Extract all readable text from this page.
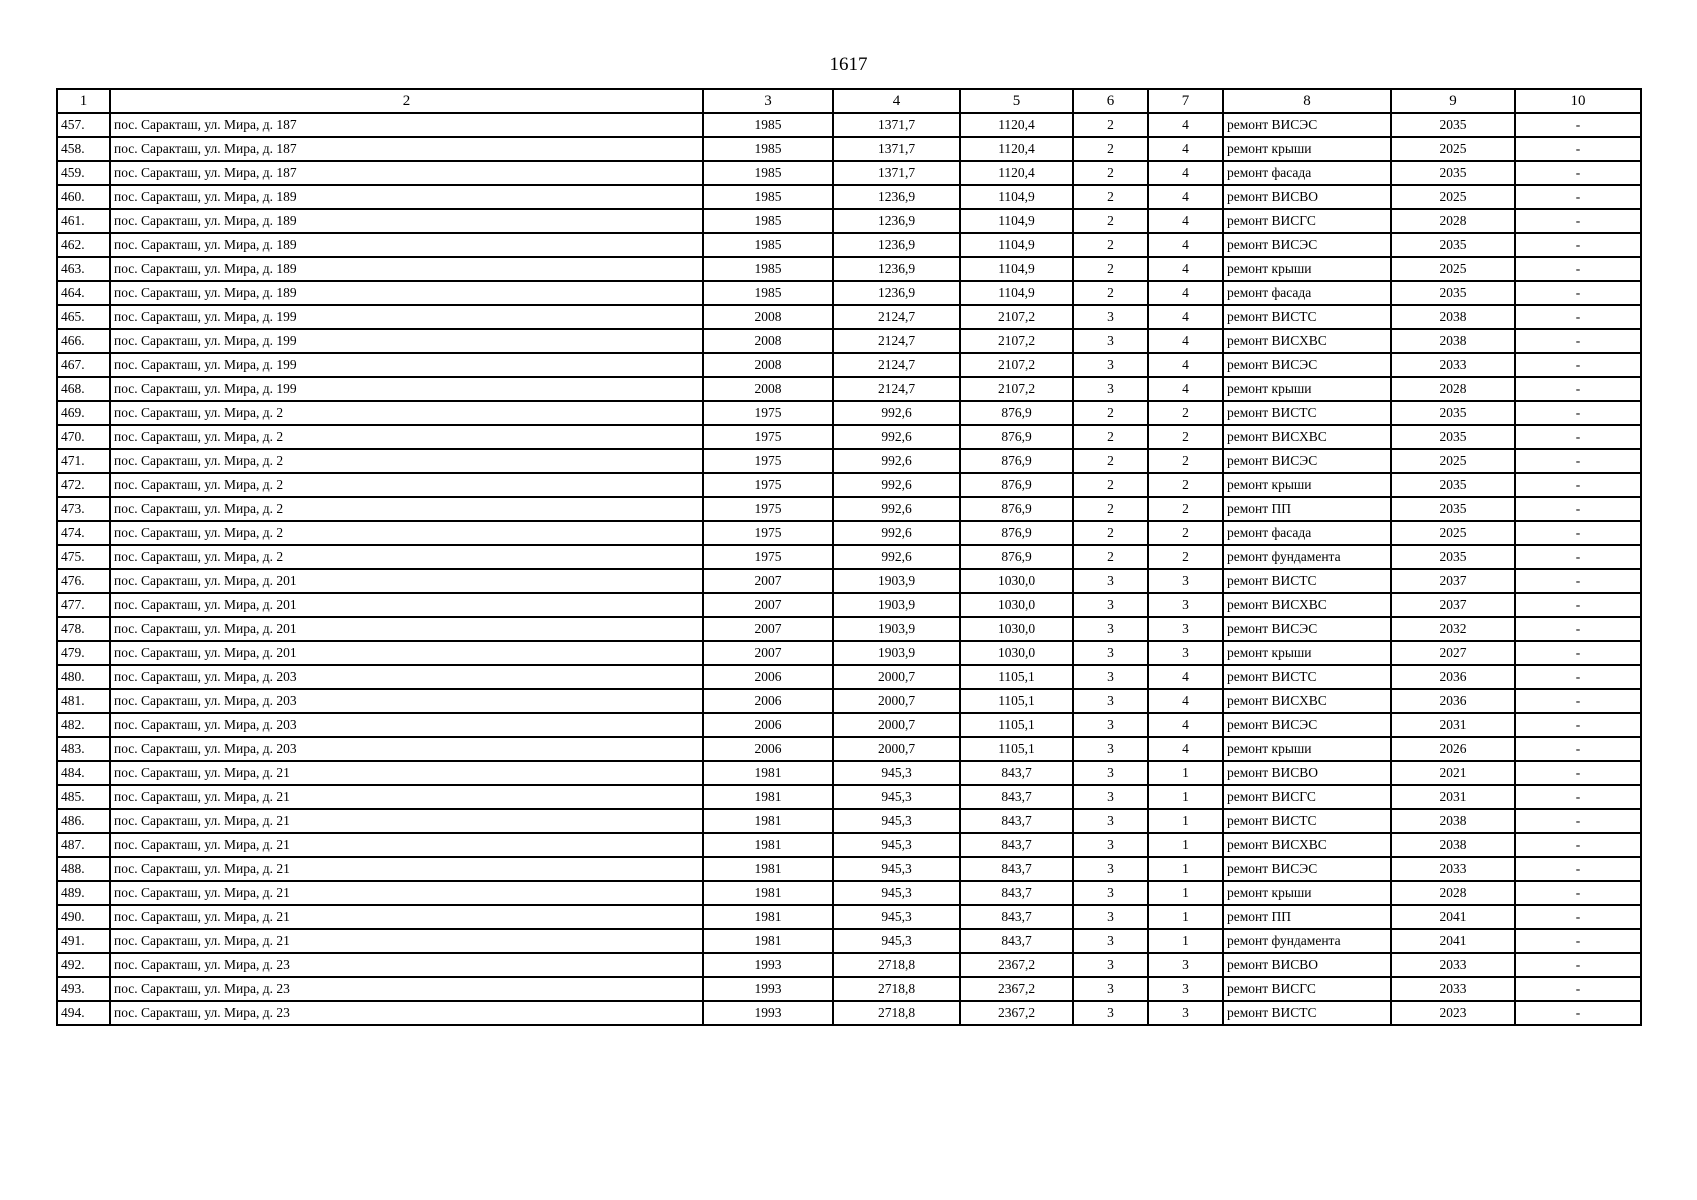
1617
1	2	3	4	5	6	7	8	9	10
457.	пос. Саракташ, ул. Мира, д. 187	1985	1371,7	1120,4	2	4	ремонт ВИСЭС	2035	-
458.	пос. Саракташ, ул. Мира, д. 187	1985	1371,7	1120,4	2	4	ремонт крыши	2025	-
459.	пос. Саракташ, ул. Мира, д. 187	1985	1371,7	1120,4	2	4	ремонт фасада	2035	-
460.	пос. Саракташ, ул. Мира, д. 189	1985	1236,9	1104,9	2	4	ремонт ВИСВО	2025	-
461.	пос. Саракташ, ул. Мира, д. 189	1985	1236,9	1104,9	2	4	ремонт ВИСГС	2028	-
462.	пос. Саракташ, ул. Мира, д. 189	1985	1236,9	1104,9	2	4	ремонт ВИСЭС	2035	-
463.	пос. Саракташ, ул. Мира, д. 189	1985	1236,9	1104,9	2	4	ремонт крыши	2025	-
464.	пос. Саракташ, ул. Мира, д. 189	1985	1236,9	1104,9	2	4	ремонт фасада	2035	-
465.	пос. Саракташ, ул. Мира, д. 199	2008	2124,7	2107,2	3	4	ремонт ВИСТС	2038	-
466.	пос. Саракташ, ул. Мира, д. 199	2008	2124,7	2107,2	3	4	ремонт ВИСХВС	2038	-
467.	пос. Саракташ, ул. Мира, д. 199	2008	2124,7	2107,2	3	4	ремонт ВИСЭС	2033	-
468.	пос. Саракташ, ул. Мира, д. 199	2008	2124,7	2107,2	3	4	ремонт крыши	2028	-
469.	пос. Саракташ, ул. Мира, д. 2	1975	992,6	876,9	2	2	ремонт ВИСТС	2035	-
470.	пос. Саракташ, ул. Мира, д. 2	1975	992,6	876,9	2	2	ремонт ВИСХВС	2035	-
471.	пос. Саракташ, ул. Мира, д. 2	1975	992,6	876,9	2	2	ремонт ВИСЭС	2025	-
472.	пос. Саракташ, ул. Мира, д. 2	1975	992,6	876,9	2	2	ремонт крыши	2035	-
473.	пос. Саракташ, ул. Мира, д. 2	1975	992,6	876,9	2	2	ремонт ПП	2035	-
474.	пос. Саракташ, ул. Мира, д. 2	1975	992,6	876,9	2	2	ремонт фасада	2025	-
475.	пос. Саракташ, ул. Мира, д. 2	1975	992,6	876,9	2	2	ремонт фундамента	2035	-
476.	пос. Саракташ, ул. Мира, д. 201	2007	1903,9	1030,0	3	3	ремонт ВИСТС	2037	-
477.	пос. Саракташ, ул. Мира, д. 201	2007	1903,9	1030,0	3	3	ремонт ВИСХВС	2037	-
478.	пос. Саракташ, ул. Мира, д. 201	2007	1903,9	1030,0	3	3	ремонт ВИСЭС	2032	-
479.	пос. Саракташ, ул. Мира, д. 201	2007	1903,9	1030,0	3	3	ремонт крыши	2027	-
480.	пос. Саракташ, ул. Мира, д. 203	2006	2000,7	1105,1	3	4	ремонт ВИСТС	2036	-
481.	пос. Саракташ, ул. Мира, д. 203	2006	2000,7	1105,1	3	4	ремонт ВИСХВС	2036	-
482.	пос. Саракташ, ул. Мира, д. 203	2006	2000,7	1105,1	3	4	ремонт ВИСЭС	2031	-
483.	пос. Саракташ, ул. Мира, д. 203	2006	2000,7	1105,1	3	4	ремонт крыши	2026	-
484.	пос. Саракташ, ул. Мира, д. 21	1981	945,3	843,7	3	1	ремонт ВИСВО	2021	-
485.	пос. Саракташ, ул. Мира, д. 21	1981	945,3	843,7	3	1	ремонт ВИСГС	2031	-
486.	пос. Саракташ, ул. Мира, д. 21	1981	945,3	843,7	3	1	ремонт ВИСТС	2038	-
487.	пос. Саракташ, ул. Мира, д. 21	1981	945,3	843,7	3	1	ремонт ВИСХВС	2038	-
488.	пос. Саракташ, ул. Мира, д. 21	1981	945,3	843,7	3	1	ремонт ВИСЭС	2033	-
489.	пос. Саракташ, ул. Мира, д. 21	1981	945,3	843,7	3	1	ремонт крыши	2028	-
490.	пос. Саракташ, ул. Мира, д. 21	1981	945,3	843,7	3	1	ремонт ПП	2041	-
491.	пос. Саракташ, ул. Мира, д. 21	1981	945,3	843,7	3	1	ремонт фундамента	2041	-
492.	пос. Саракташ, ул. Мира, д. 23	1993	2718,8	2367,2	3	3	ремонт ВИСВО	2033	-
493.	пос. Саракташ, ул. Мира, д. 23	1993	2718,8	2367,2	3	3	ремонт ВИСГС	2033	-
494.	пос. Саракташ, ул. Мира, д. 23	1993	2718,8	2367,2	3	3	ремонт ВИСТС	2023	-
